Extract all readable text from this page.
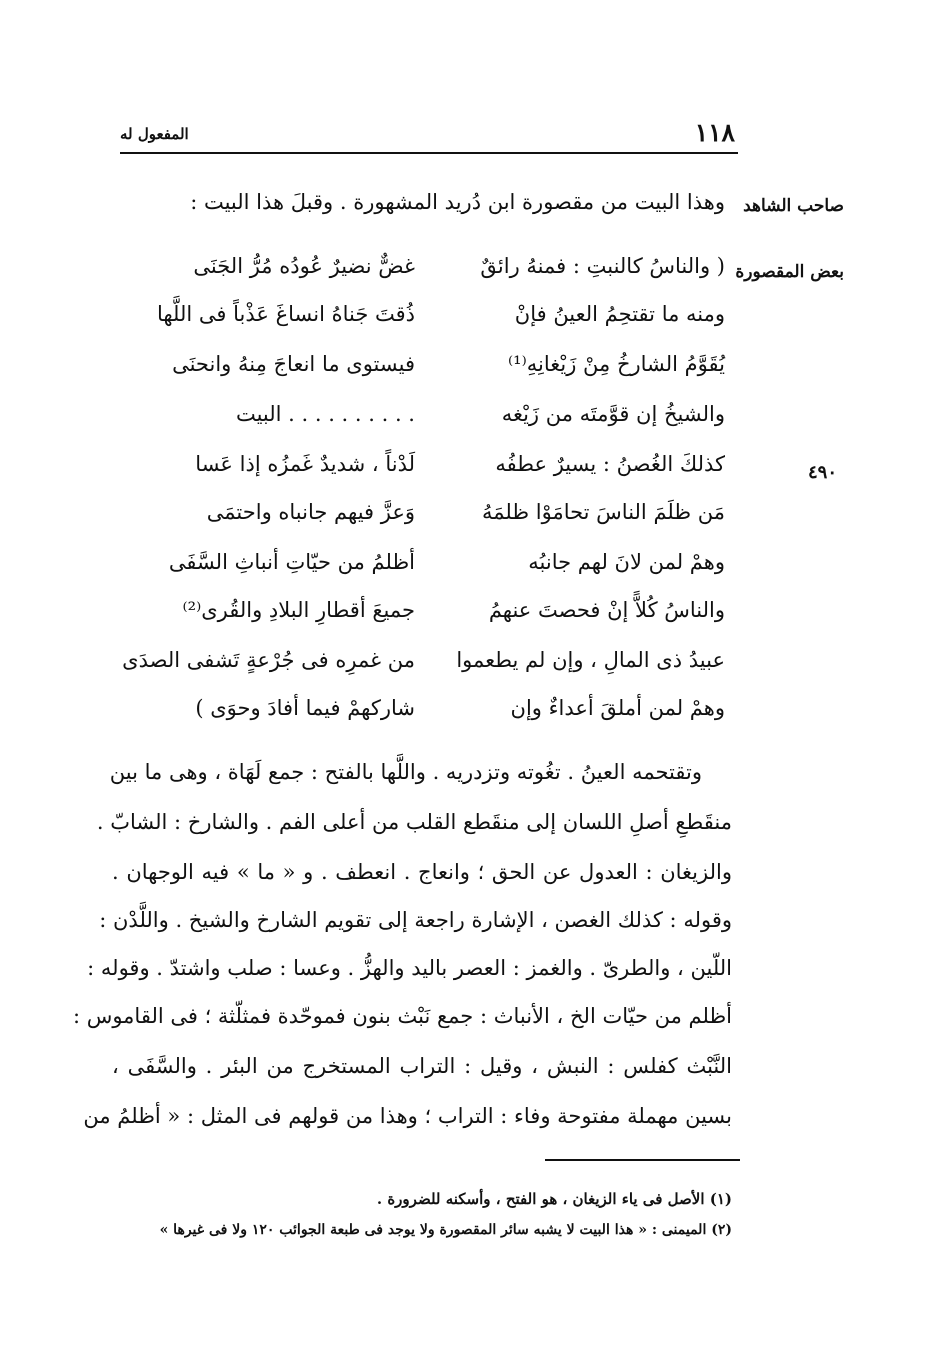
١١٨
المفعول له
صاحب الشاهد
بعض المقصورة
٤٩٠
وهذا البيت من مقصورة ابن دُريد المشهورة . وقبلَ هذا البيت :
( والناسُ كالنبتِ : فمنهُ رائقٌ
غضٌّ نضيرٌ عُودُه مُرُّ الجَنَى
ومنه ما تقتحِمُ العينُ فإنْ
ذُقتَ جَناهُ انساغَ عَذْباً فى اللَّها
يُقَوَّمُ الشارخُ مِنْ زَيْغانِهِ⁽¹⁾
فيستوى ما انعاجَ مِنهُ وانحنَى
والشيخُ إن قوَّمتَه من زَيْغه
. . . . . . . . . . البيت
كذلكَ الغُصنُ : يسيرٌ عطفُه
لَدْناً ، شديدٌ غَمزُه إذا عَسا
مَن ظلَمَ الناسَ تحامَوْا ظلمَهُ
وَعزَّ فيهم جانباه واحتمَى
وهمْ لمن لانَ لهم جانبُه
أظلمُ من حيّاتِ أنباثِ السَّفَى
والناسُ كُلاًّ إنْ فحصتَ عنهمُ
جميعَ أقطارِ البلادِ والقُرى⁽²⁾
عبيدُ ذى المالِ ، وإن لم يطعموا
من غمرِه فى جُرْعةٍ تَشفى الصدَى
وهمْ لمن أملقَ أعداءٌ وإن
شاركهمْ فيما أفادَ وحوَى )
وتقتحمه العينُ . تغُوته وتزدريه . واللَّها بالفتح : جمع لَهَاة ، وهى ما بين
منقَطعِ أصلِ اللسان إلى منقَطع القلب من أعلى الفم . والشارخ : الشابّ .
والزيغان : العدول عن الحق ؛ وانعاج . انعطف . و « ما » فيه الوجهان .
وقوله : كذلك الغصن ، الإشارة راجعة إلى تقويم الشارخ والشيخ . واللَّدْن :
اللّين ، والطرىّ . والغمز : العصر باليد والهزُّ . وعسا : صلب واشتدّ . وقوله :
أظلم من حيّات الخ ، الأنباث : جمع نَبْث بنون فموحّدة فمثلّثة ؛ فى القاموس :
النَّبْث كفلس : النبش ، وقيل : التراب المستخرج من البئر . والسَّفَى ،
بسين مهملة مفتوحة وفاء : التراب ؛ وهذا من قولهم فى المثل : « أظلمُ من
(١) الأصل فى ياء الزيغان ، هو الفتح ، وأسكنه للضرورة .
(٢) الميمنى : « هذا البيت لا يشبه سائر المقصورة ولا يوجد فى طبعة الجوائب ١٢٠ ولا فى غيرها »
